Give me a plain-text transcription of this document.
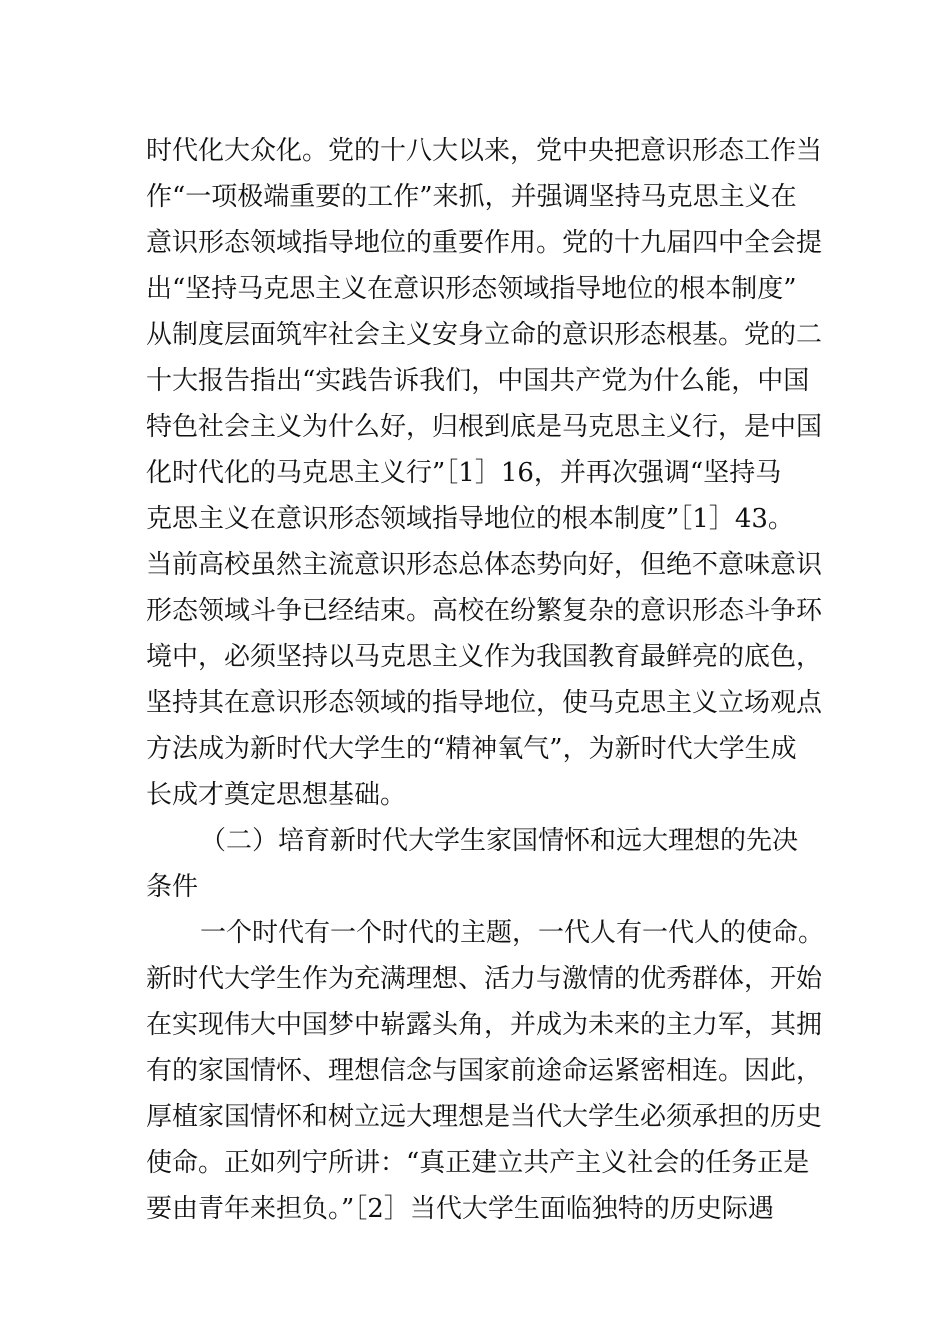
时代化大众化。党的十八大以来，党中央把意识形态工作当
作“一项极端重要的工作”来抓，并强调坚持马克思主义在
意识形态领域指导地位的重要作用。党的十九届四中全会提
出“坚持马克思主义在意识形态领域指导地位的根本制度”
从制度层面筑牢社会主义安身立命的意识形态根基。党的二
十大报告指出“实践告诉我们，中国共产党为什么能，中国
特色社会主义为什么好，归根到底是马克思主义行，是中国
化时代化的马克思主义行”［1］16，并再次强调“坚持马
克思主义在意识形态领域指导地位的根本制度”［1］43。
当前高校虽然主流意识形态总体态势向好，但绝不意味意识
形态领域斗争已经结束。高校在纷繁复杂的意识形态斗争环
境中，必须坚持以马克思主义作为我国教育最鲜亮的底色，
坚持其在意识形态领域的指导地位，使马克思主义立场观点
方法成为新时代大学生的“精神氧气”，为新时代大学生成
长成才奠定思想基础。
（二）培育新时代大学生家国情怀和远大理想的先决
条件
一个时代有一个时代的主题，一代人有一代人的使命。
新时代大学生作为充满理想、活力与激情的优秀群体，开始
在实现伟大中国梦中崭露头角，并成为未来的主力军，其拥
有的家国情怀、理想信念与国家前途命运紧密相连。因此，
厚植家国情怀和树立远大理想是当代大学生必须承担的历史
使命。正如列宁所讲：“真正建立共产主义社会的任务正是
要由青年来担负。”［2］当代大学生面临独特的历史际遇
